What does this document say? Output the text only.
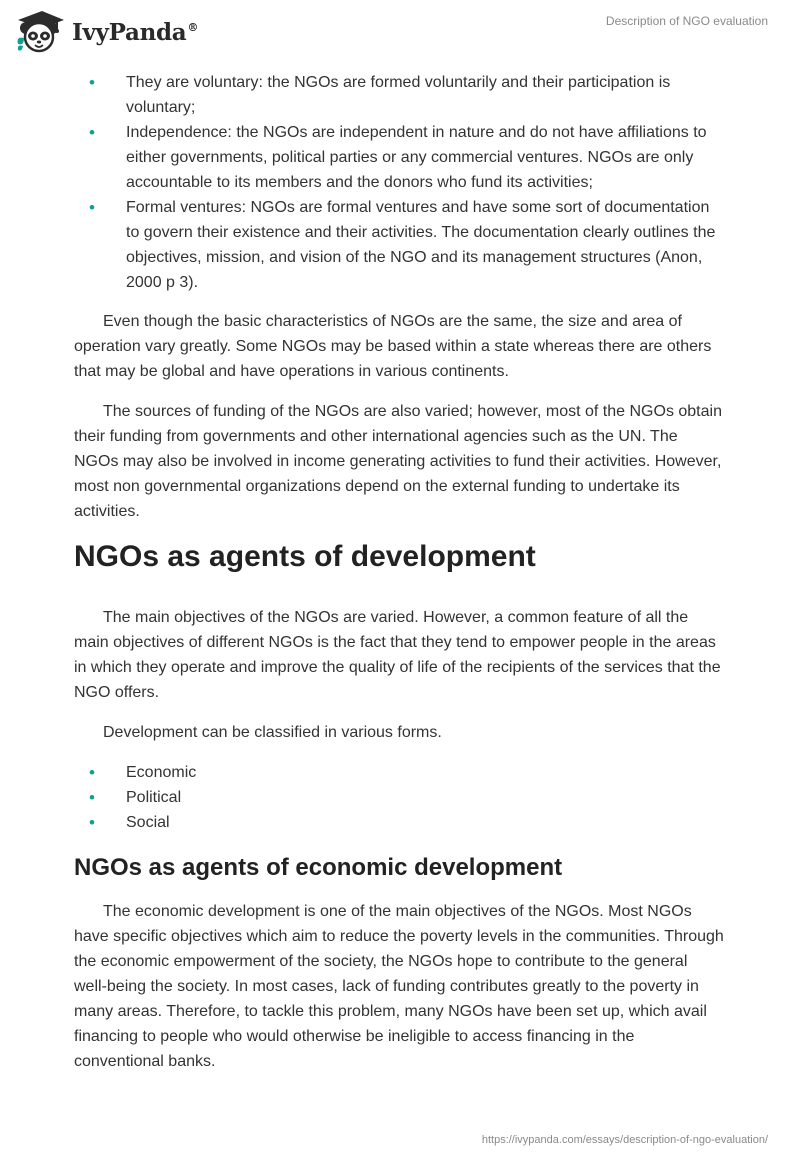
IvyPanda®	Description of NGO evaluation
• They are voluntary: the NGOs are formed voluntarily and their participation is voluntary;
• Independence: the NGOs are independent in nature and do not have affiliations to either governments, political parties or any commercial ventures. NGOs are only accountable to its members and the donors who fund its activities;
• Formal ventures: NGOs are formal ventures and have some sort of documentation to govern their existence and their activities. The documentation clearly outlines the objectives, mission, and vision of the NGO and its management structures (Anon, 2000 p 3).

Even though the basic characteristics of NGOs are the same, the size and area of operation vary greatly. Some NGOs may be based within a state whereas there are others that may be global and have operations in various continents.

The sources of funding of the NGOs are also varied; however, most of the NGOs obtain their funding from governments and other international agencies such as the UN. The NGOs may also be involved in income generating activities to fund their activities. However, most non governmental organizations depend on the external funding to undertake its activities.

NGOs as agents of development

The main objectives of the NGOs are varied. However, a common feature of all the main objectives of different NGOs is the fact that they tend to empower people in the areas in which they operate and improve the quality of life of the recipients of the services that the NGO offers.

Development can be classified in various forms.

• Economic
• Political
• Social
NGOs as agents of economic development

The economic development is one of the main objectives of the NGOs. Most NGOs have specific objectives which aim to reduce the poverty levels in the communities. Through the economic empowerment of the society, the NGOs hope to contribute to the general well-being the society. In most cases, lack of funding contributes greatly to the poverty in many areas. Therefore, to tackle this problem, many NGOs have been set up, which avail financing to people who would otherwise be ineligible to access financing in the conventional banks.

https://ivypanda.com/essays/description-of-ngo-evaluation/
